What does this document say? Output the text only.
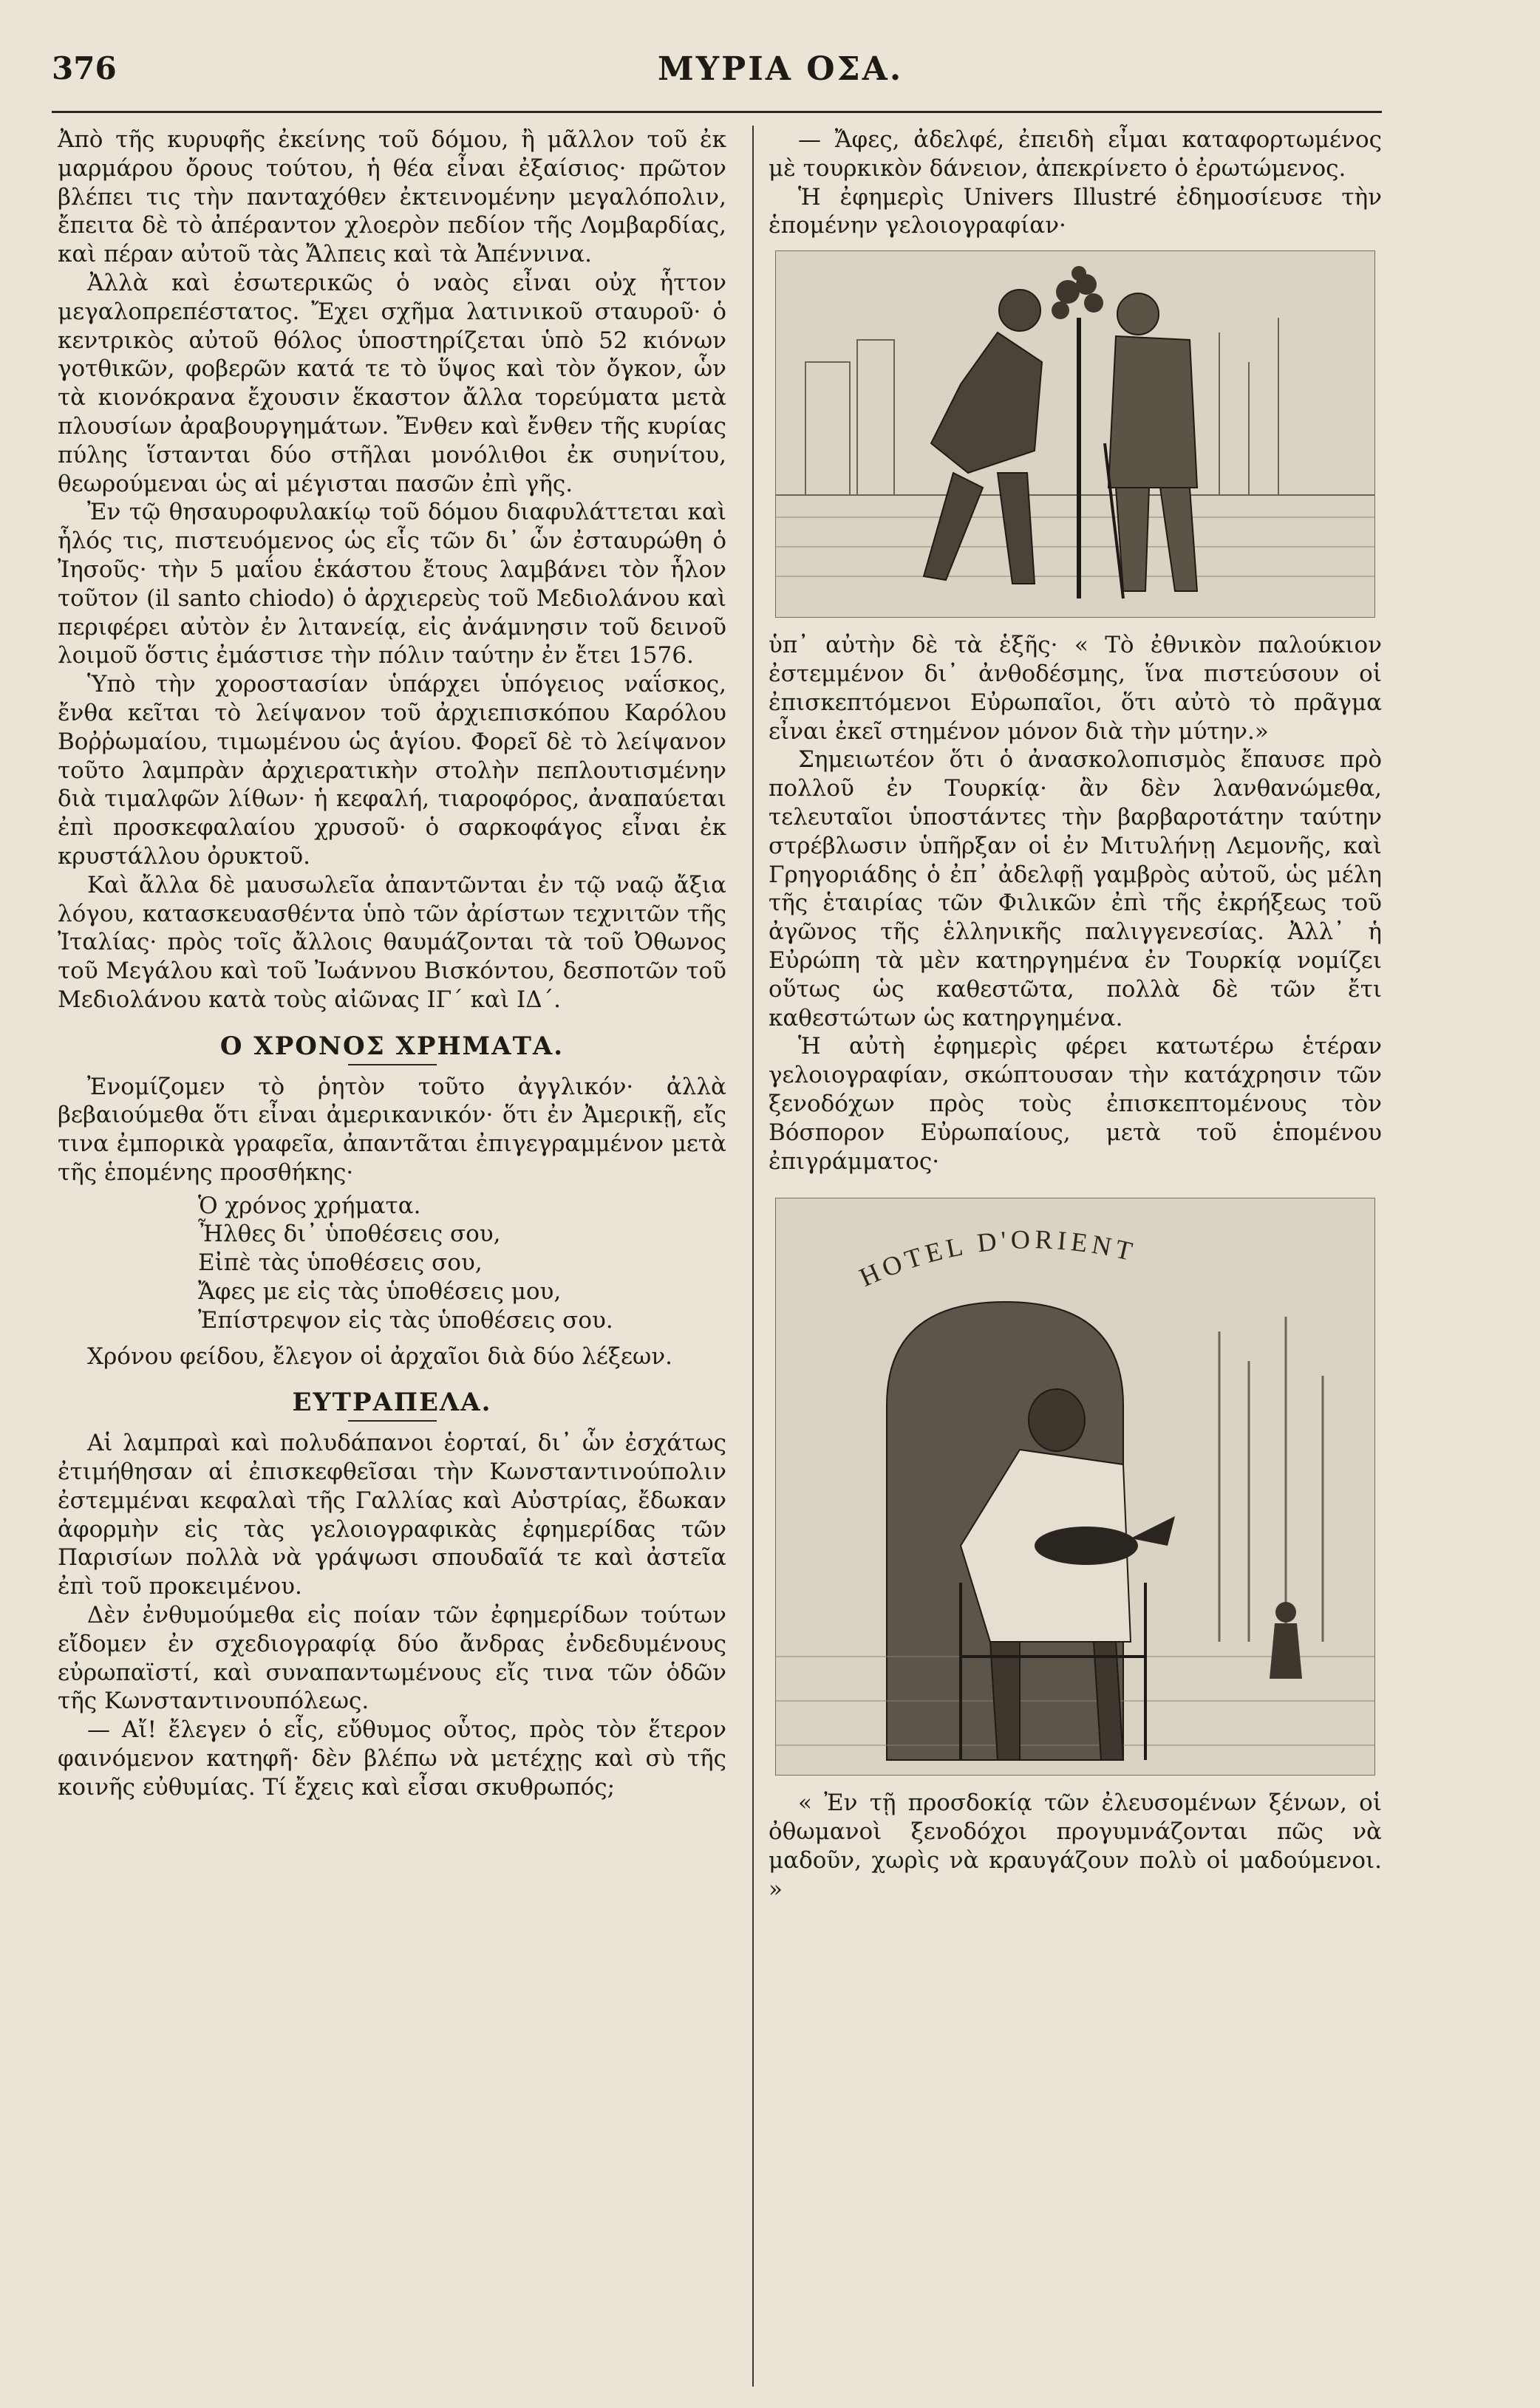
376	ΜΥΡΙΑ ΟΣΑ.

Ἀπὸ τῆς κυρυφῆς ἐκείνης τοῦ δόμου, ἢ μᾶλλον τοῦ ἐκ μαρμάρου ὄρους τούτου, ἡ θέα εἶναι ἐξαίσιος· πρῶτον βλέπει τις τὴν πανταχόθεν ἐκτεινομένην μεγαλόπολιν, ἔπειτα δὲ τὸ ἀπέραντον χλοερὸν πεδίον τῆς Λομβαρδίας, καὶ πέραν αὐτοῦ τὰς Ἄλπεις καὶ τὰ Ἀπέννινα.

Ἀλλὰ καὶ ἐσωτερικῶς ὁ ναὸς εἶναι οὐχ ἧττον μεγαλοπρεπέστατος. Ἔχει σχῆμα λατινικοῦ σταυροῦ· ὁ κεντρικὸς αὐτοῦ θόλος ὑποστηρίζεται ὑπὸ 52 κιόνων γοτθικῶν, φοβερῶν κατά τε τὸ ὕψος καὶ τὸν ὄγκον, ὧν τὰ κιονόκρανα ἔχουσιν ἕκαστον ἄλλα τορεύματα μετὰ πλουσίων ἀραβουργημάτων. Ἔνθεν καὶ ἔνθεν τῆς κυρίας πύλης ἵστανται δύο στῆλαι μονόλιθοι ἐκ συηνίτου, θεωρούμεναι ὡς αἱ μέγισται πασῶν ἐπὶ γῆς.

Ἐν τῷ θησαυροφυλακίῳ τοῦ δόμου διαφυλάττεται καὶ ἧλός τις, πιστευόμενος ὡς εἷς τῶν δι᾽ ὧν ἐσταυρώθη ὁ Ἰησοῦς· τὴν 5 μαΐου ἑκάστου ἔτους λαμβάνει τὸν ἧλον τοῦτον (il santo chiodo) ὁ ἀρχιερεὺς τοῦ Μεδιολάνου καὶ περιφέρει αὐτὸν ἐν λιτανείᾳ, εἰς ἀνάμνησιν τοῦ δεινοῦ λοιμοῦ ὅστις ἐμάστισε τὴν πόλιν ταύτην ἐν ἔτει 1576.

Ὑπὸ τὴν χοροστασίαν ὑπάρχει ὑπόγειος ναΐσκος, ἔνθα κεῖται τὸ λείψανον τοῦ ἀρχιεπισκόπου Καρόλου Βοῤῥωμαίου, τιμωμένου ὡς ἁγίου. Φορεῖ δὲ τὸ λείψανον τοῦτο λαμπρὰν ἀρχιερατικὴν στολὴν πεπλουτισμένην διὰ τιμαλφῶν λίθων· ἡ κεφαλή, τιαροφόρος, ἀναπαύεται ἐπὶ προσκεφαλαίου χρυσοῦ· ὁ σαρκοφάγος εἶναι ἐκ κρυστάλλου ὀρυκτοῦ.

Καὶ ἄλλα δὲ μαυσωλεῖα ἀπαντῶνται ἐν τῷ ναῷ ἄξια λόγου, κατασκευασθέντα ὑπὸ τῶν ἀρίστων τεχνιτῶν τῆς Ἰταλίας· πρὸς τοῖς ἄλλοις θαυμάζονται τὰ τοῦ Ὀθωνος τοῦ Μεγάλου καὶ τοῦ Ἰωάννου Βισκόντου, δεσποτῶν τοῦ Μεδιολάνου κατὰ τοὺς αἰῶνας ΙΓ΄ καὶ ΙΔ΄.

Ο ΧΡΟΝΟΣ ΧΡΗΜΑΤΑ.

Ἐνομίζομεν τὸ ῥητὸν τοῦτο ἀγγλικόν· ἀλλὰ βεβαιούμεθα ὅτι εἶναι ἀμερικανικόν· ὅτι ἐν Ἀμερικῇ, εἴς τινα ἐμπορικὰ γραφεῖα, ἀπαντᾶται ἐπιγεγραμμένον μετὰ τῆς ἑπομένης προσθήκης·

Ὁ χρόνος χρήματα.
Ἦλθες δι᾽ ὑποθέσεις σου,
Εἰπὲ τὰς ὑποθέσεις σου,
Ἄφες με εἰς τὰς ὑποθέσεις μου,
Ἐπίστρεψον εἰς τὰς ὑποθέσεις σου.

Χρόνου φείδου, ἔλεγον οἱ ἀρχαῖοι διὰ δύο λέξεων.

ΕΥΤΡΑΠΕΛΑ.

Αἱ λαμπραὶ καὶ πολυδάπανοι ἑορταί, δι᾽ ὧν ἐσχάτως ἐτιμήθησαν αἱ ἐπισκεφθεῖσαι τὴν Κωνσταντινούπολιν ἐστεμμέναι κεφαλαὶ τῆς Γαλλίας καὶ Αὐστρίας, ἔδωκαν ἀφορμὴν εἰς τὰς γελοιογραφικὰς ἐφημερίδας τῶν Παρισίων πολλὰ νὰ γράψωσι σπουδαῖά τε καὶ ἀστεῖα ἐπὶ τοῦ προκειμένου.

Δὲν ἐνθυμούμεθα εἰς ποίαν τῶν ἐφημερίδων τούτων εἴδομεν ἐν σχεδιογραφίᾳ δύο ἄνδρας ἐνδεδυμένους εὐρωπαϊστί, καὶ συναπαντωμένους εἴς τινα τῶν ὁδῶν τῆς Κωνσταντινουπόλεως.

— Αἴ! ἔλεγεν ὁ εἷς, εὔθυμος οὗτος, πρὸς τὸν ἕτερον φαινόμενον κατηφῆ· δὲν βλέπω νὰ μετέχῃς καὶ σὺ τῆς κοινῆς εὐθυμίας. Τί ἔχεις καὶ εἶσαι σκυθρωπός;

— Ἄφες, ἀδελφέ, ἐπειδὴ εἶμαι καταφορτωμένος μὲ τουρκικὸν δάνειον, ἀπεκρίνετο ὁ ἐρωτώμενος.

Ἡ ἐφημερὶς Univers Illustré ἐδημοσίευσε τὴν ἑπομένην γελοιογραφίαν·

ὑπ᾽ αὐτὴν δὲ τὰ ἑξῆς· « Τὸ ἐθνικὸν παλούκιον ἐστεμμένον δι᾽ ἀνθοδέσμης, ἵνα πιστεύσουν οἱ ἐπισκεπτόμενοι Εὐρωπαῖοι, ὅτι αὐτὸ τὸ πρᾶγμα εἶναι ἐκεῖ στημένον μόνον διὰ τὴν μύτην.»

Σημειωτέον ὅτι ὁ ἀνασκολοπισμὸς ἔπαυσε πρὸ πολλοῦ ἐν Τουρκίᾳ· ἂν δὲν λανθανώμεθα, τελευταῖοι ὑποστάντες τὴν βαρβαροτάτην ταύτην στρέβλωσιν ὑπῆρξαν οἱ ἐν Μιτυλήνῃ Λεμονῆς, καὶ Γρηγοριάδης ὁ ἐπ᾽ ἀδελφῇ γαμβρὸς αὐτοῦ, ὡς μέλη τῆς ἑταιρίας τῶν Φιλικῶν ἐπὶ τῆς ἐκρήξεως τοῦ ἀγῶνος τῆς ἑλληνικῆς παλιγγενεσίας. Ἀλλ᾽ ἡ Εὐρώπη τὰ μὲν κατηργημένα ἐν Τουρκίᾳ νομίζει οὕτως ὡς καθεστῶτα, πολλὰ δὲ τῶν ἔτι καθεστώτων ὡς κατηργημένα.

Ἡ αὐτὴ ἐφημερὶς φέρει κατωτέρω ἑτέραν γελοιογραφίαν, σκώπτουσαν τὴν κατάχρησιν τῶν ξενοδόχων πρὸς τοὺς ἐπισκεπτομένους τὸν Βόσπορον Εὐρωπαίους, μετὰ τοῦ ἑπομένου ἐπιγράμματος·

HOTEL D'ORIENT

« Ἐν τῇ προσδοκίᾳ τῶν ἐλευσομένων ξένων, οἱ ὀθωμανοὶ ξενοδόχοι προγυμνάζονται πῶς νὰ μαδοῦν, χωρὶς νὰ κραυγάζουν πολὺ οἱ μαδούμενοι. »
